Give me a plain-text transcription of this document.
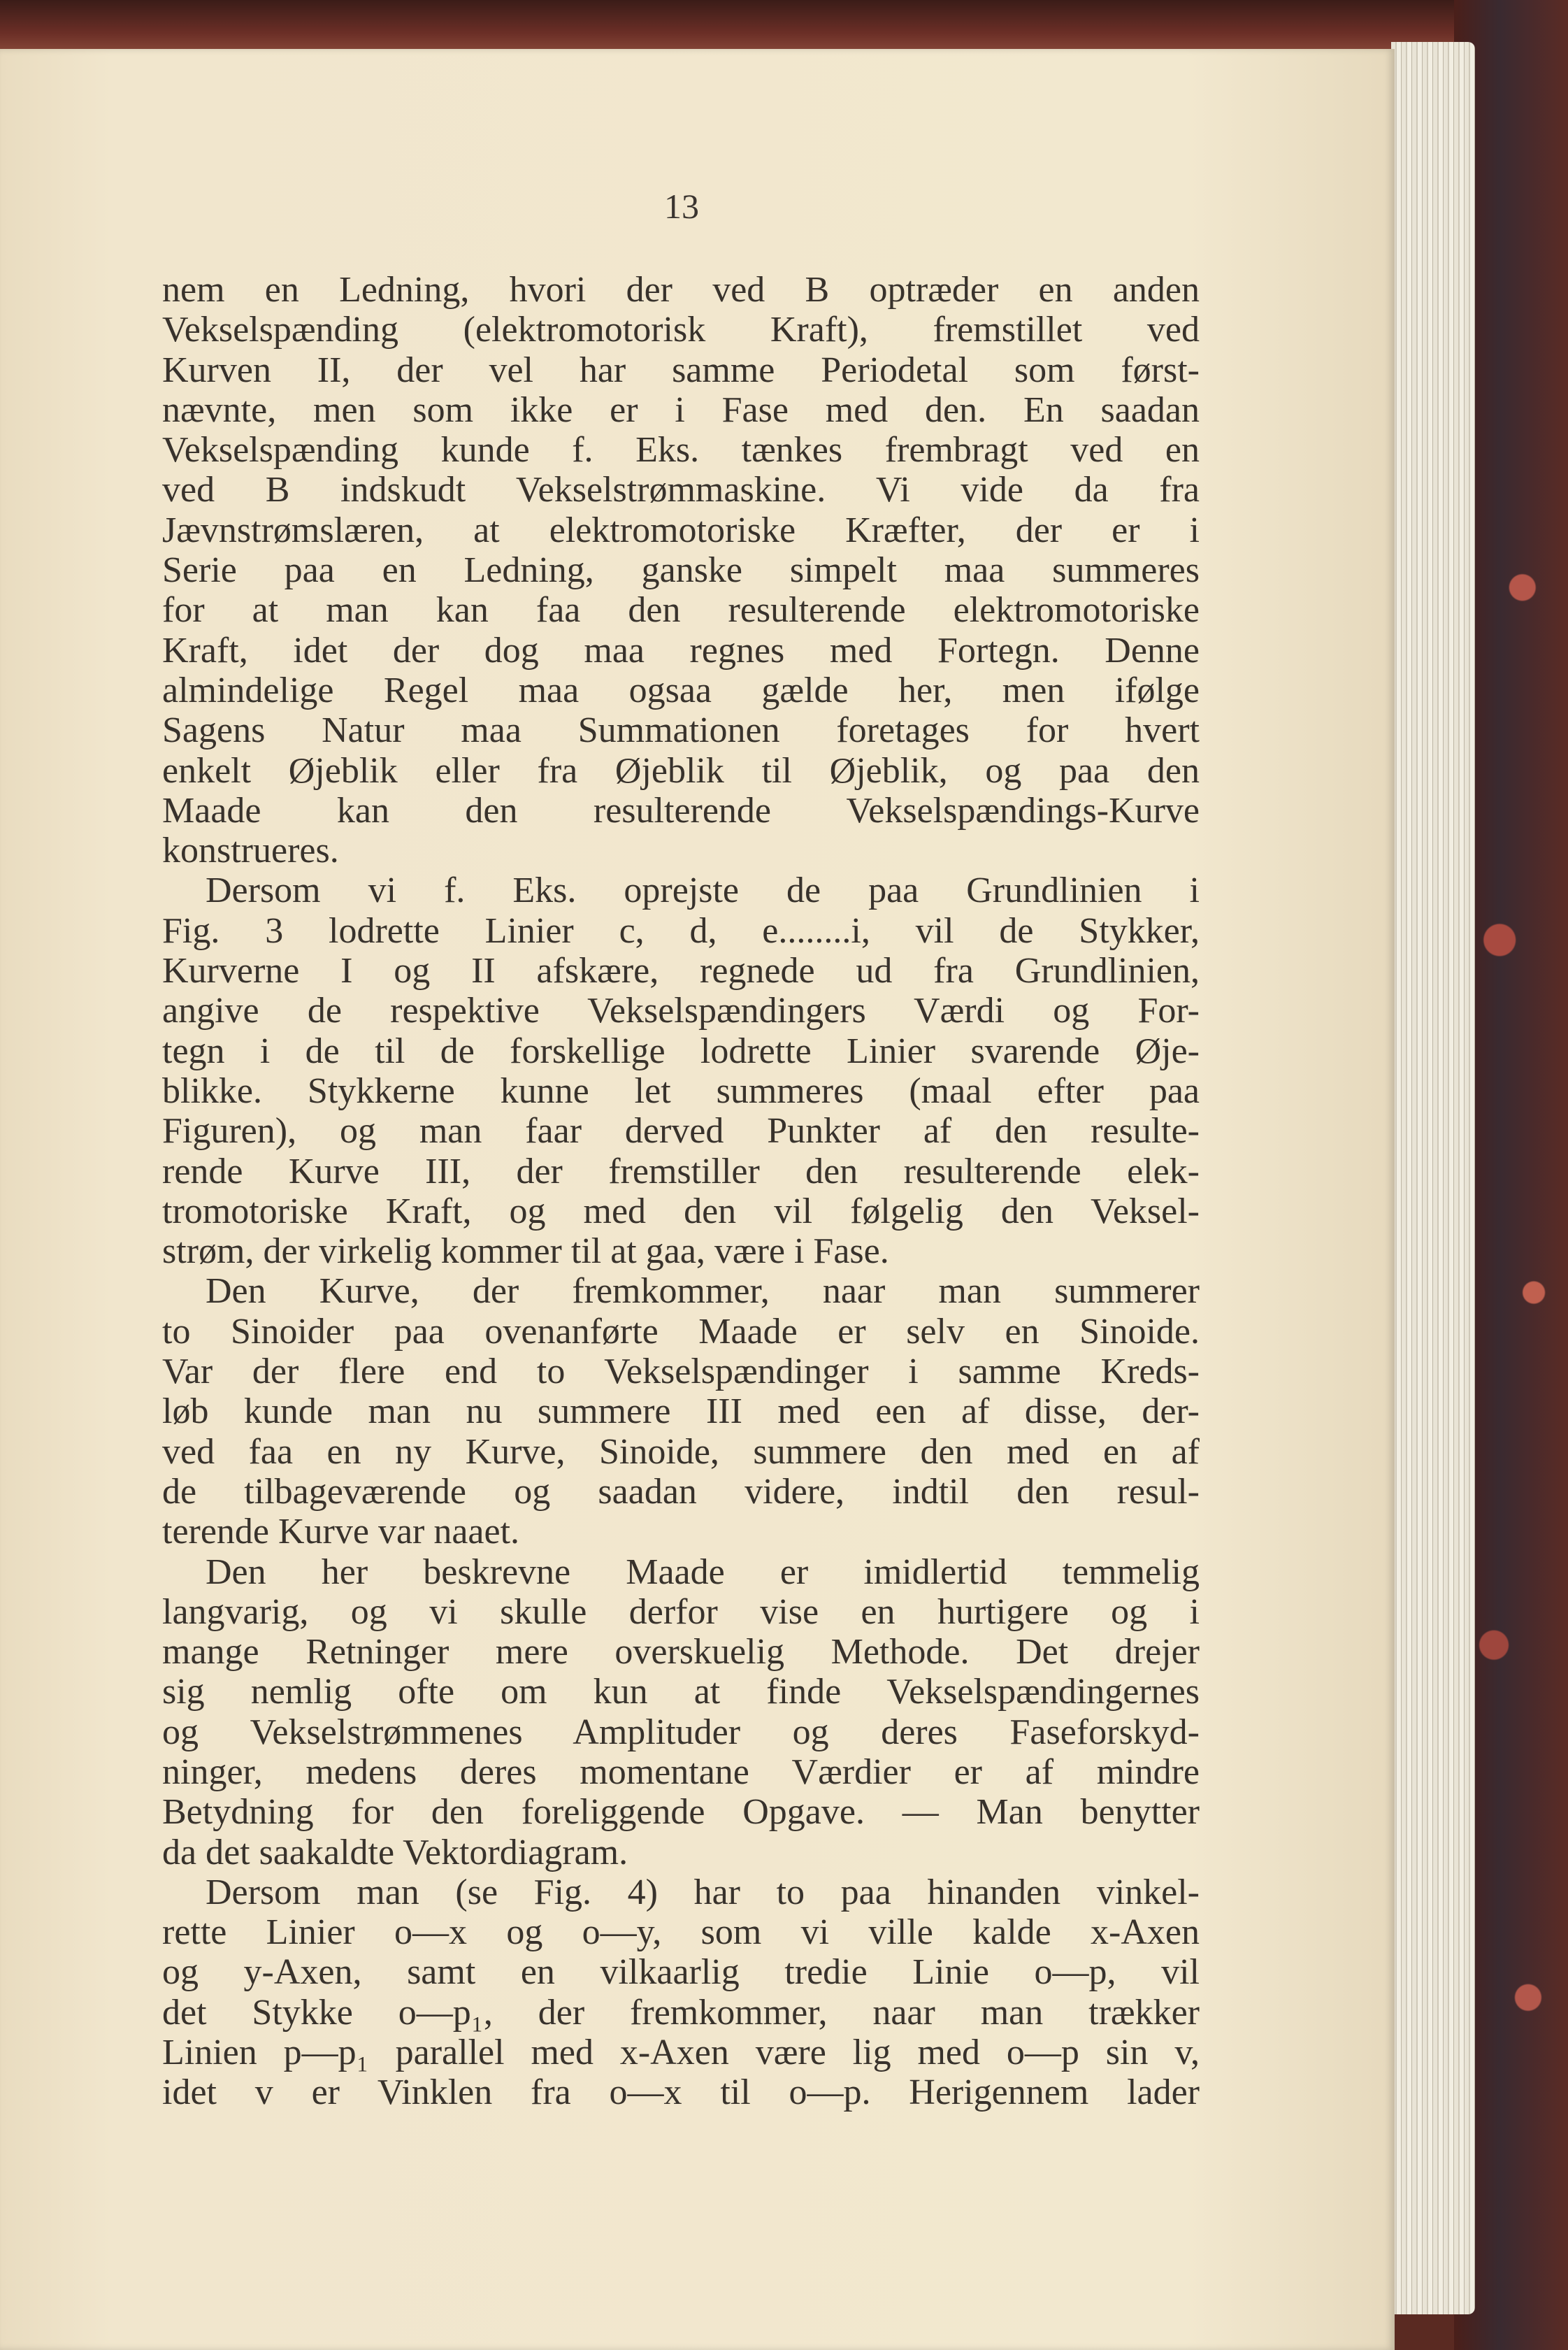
13
nem en Ledning, hvori der ved B optræder en anden
Vekselspænding (elektromotorisk Kraft), fremstillet ved
Kurven II, der vel har samme Periodetal som først-
nævnte, men som ikke er i Fase med den. En saadan
Vekselspænding kunde f. Eks. tænkes frembragt ved en
ved B indskudt Vekselstrømmaskine. Vi vide da fra
Jævnstrømslæren, at elektromotoriske Kræfter, der er i
Serie paa en Ledning, ganske simpelt maa summeres
for at man kan faa den resulterende elektromotoriske
Kraft, idet der dog maa regnes med Fortegn. Denne
almindelige Regel maa ogsaa gælde her, men ifølge
Sagens Natur maa Summationen foretages for hvert
enkelt Øjeblik eller fra Øjeblik til Øjeblik, og paa den
Maade kan den resulterende Vekselspændings-Kurve
konstrueres.
Dersom vi f. Eks. oprejste de paa Grundlinien i
Fig. 3 lodrette Linier c, d, e........i, vil de Stykker,
Kurverne I og II afskære, regnede ud fra Grundlinien,
angive de respektive Vekselspændingers Værdi og For-
tegn i de til de forskellige lodrette Linier svarende Øje-
blikke. Stykkerne kunne let summeres (maal efter paa
Figuren), og man faar derved Punkter af den resulte-
rende Kurve III, der fremstiller den resulterende elek-
tromotoriske Kraft, og med den vil følgelig den Veksel-
strøm, der virkelig kommer til at gaa, være i Fase.
Den Kurve, der fremkommer, naar man summerer
to Sinoider paa ovenanførte Maade er selv en Sinoide.
Var der flere end to Vekselspændinger i samme Kreds-
løb kunde man nu summere III med een af disse, der-
ved faa en ny Kurve, Sinoide, summere den med en af
de tilbageværende og saadan videre, indtil den resul-
terende Kurve var naaet.
Den her beskrevne Maade er imidlertid temmelig
langvarig, og vi skulle derfor vise en hurtigere og i
mange Retninger mere overskuelig Methode. Det drejer
sig nemlig ofte om kun at finde Vekselspændingernes
og Vekselstrømmenes Amplituder og deres Faseforskyd-
ninger, medens deres momentane Værdier er af mindre
Betydning for den foreliggende Opgave. — Man benytter
da det saakaldte Vektordiagram.
Dersom man (se Fig. 4) har to paa hinanden vinkel-
rette Linier o—x og o—y, som vi ville kalde x-Axen
og y-Axen, samt en vilkaarlig tredie Linie o—p, vil
det Stykke o—p₁, der fremkommer, naar man trækker
Linien p—p₁ parallel med x-Axen være lig med o—p sin v,
idet v er Vinklen fra o—x til o—p. Herigennem lader
